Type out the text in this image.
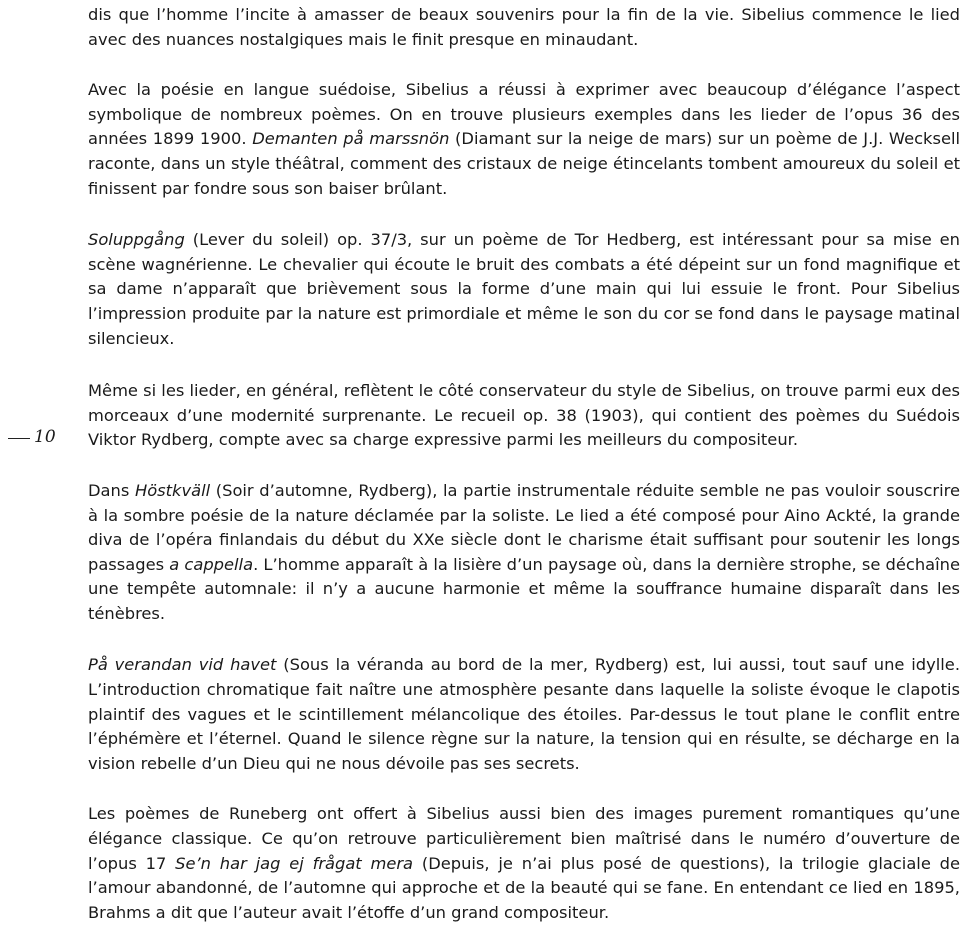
10

dis que l’homme l’incite à amasser de beaux souvenirs pour la fin de la vie. Sibelius commence le lied avec des nuances nostalgiques mais le finit presque en minaudant.

Avec la poésie en langue suédoise, Sibelius a réussi à exprimer avec beaucoup d’élégance l’aspect symbolique de nombreux poèmes. On en trouve plusieurs exemples dans les lieder de l’opus 36 des années 1899 1900. Demanten på marssnön (Diamant sur la neige de mars) sur un poème de J.J. Wecksell raconte, dans un style théâtral, comment des cristaux de neige étincelants tombent amoureux du soleil et finissent par fondre sous son baiser brûlant.

Soluppgång (Lever du soleil) op. 37/3, sur un poème de Tor Hedberg, est intéressant pour sa mise en scène wagnérienne. Le chevalier qui écoute le bruit des combats a été dépeint sur un fond magnifique et sa dame n’apparaît que brièvement sous la forme d’une main qui lui essuie le front. Pour Sibelius l’impression produite par la nature est primordiale et même le son du cor se fond dans le paysage matinal silencieux.

Même si les lieder, en général, reflètent le côté conservateur du style de Sibelius, on trouve parmi eux des morceaux d’une modernité surprenante. Le recueil op. 38 (1903), qui contient des poèmes du Suédois Viktor Rydberg, compte avec sa charge expressive parmi les meilleurs du compositeur.

Dans Höstkväll (Soir d’automne, Rydberg), la partie instrumentale réduite semble ne pas vouloir souscrire à la sombre poésie de la nature déclamée par la soliste. Le lied a été composé pour Aino Ackté, la grande diva de l’opéra finlandais du début du XXe siècle dont le charisme était suffisant pour soutenir les longs passages a cappella. L’homme apparaît à la lisière d’un paysage où, dans la dernière strophe, se déchaîne une tempête automnale: il n’y a aucune harmonie et même la souffrance humaine disparaît dans les ténèbres.

På verandan vid havet (Sous la véranda au bord de la mer, Rydberg) est, lui aussi, tout sauf une idylle. L’introduction chromatique fait naître une atmosphère pesante dans laquelle la soliste évoque le clapotis plaintif des vagues et le scintillement mélancolique des étoiles. Par-dessus le tout plane le conflit entre l’éphémère et l’éternel. Quand le silence règne sur la nature, la tension qui en résulte, se décharge en la vision rebelle d’un Dieu qui ne nous dévoile pas ses secrets.

Les poèmes de Runeberg ont offert à Sibelius aussi bien des images purement romantiques qu’une élégance classique. Ce qu’on retrouve particulièrement bien maîtrisé dans le numéro d’ouverture de l’opus 17 Se’n har jag ej frågat mera (Depuis, je n’ai plus posé de questions), la trilogie glaciale de l’amour abandonné, de l’automne qui approche et de la beauté qui se fane. En entendant ce lied en 1895, Brahms a dit que l’auteur avait l’étoffe d’un grand compositeur.
